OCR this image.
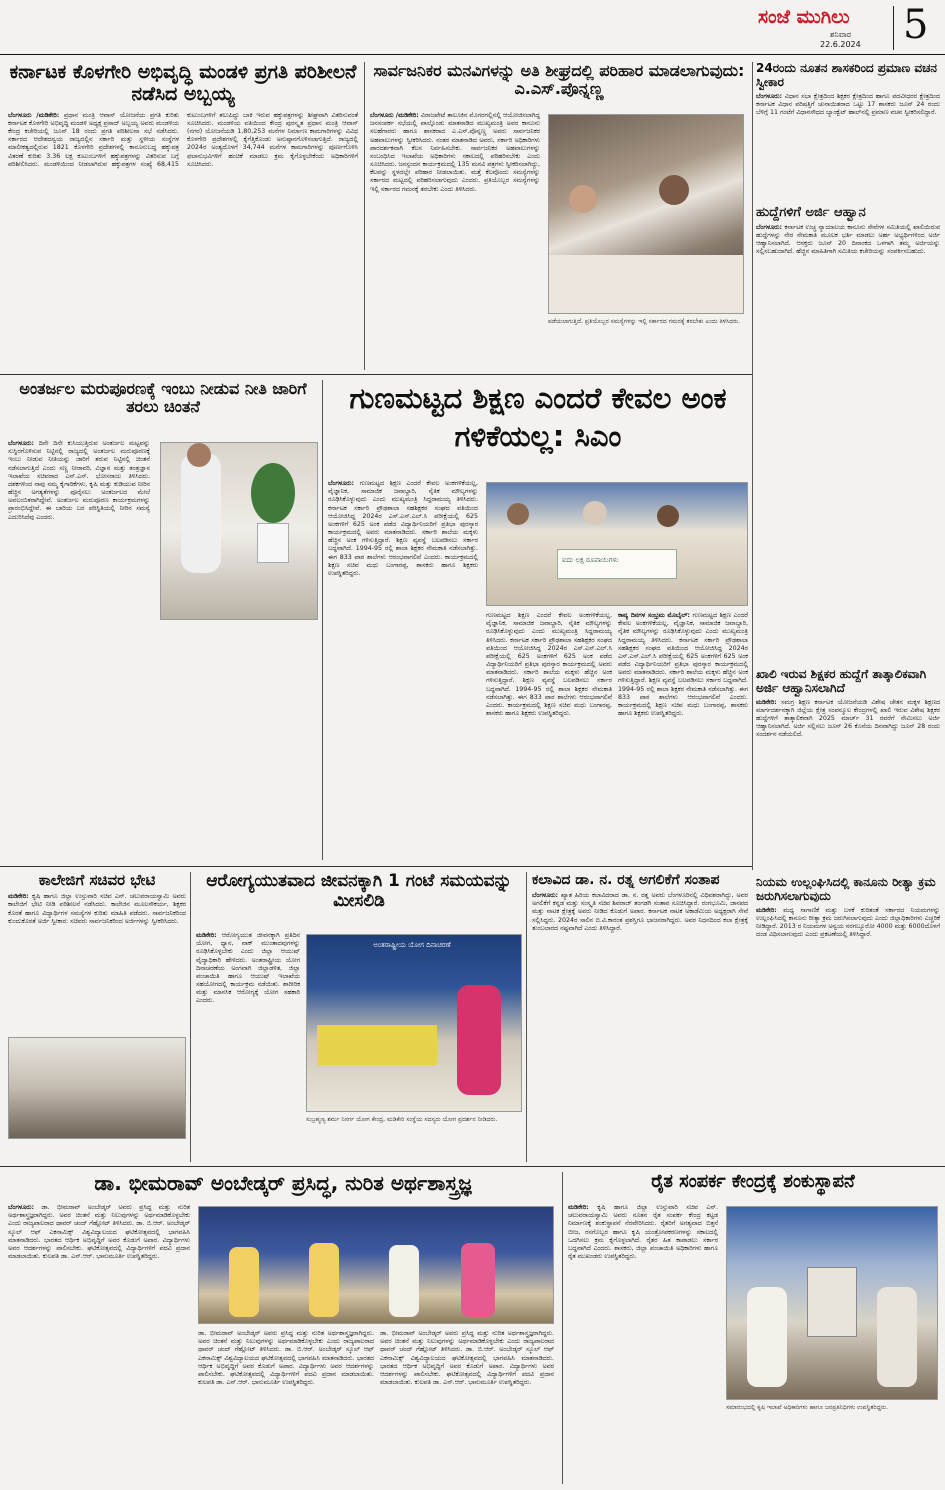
ಸಂಜೆ ಮುಗಿಲು
ಶನಿವಾರ
22.6.2024 5
ಕರ್ನಾಟಕ ಕೊಳಗೇರಿ ಅಭಿವೃದ್ಧಿ ಮಂಡಳಿ ಪ್ರಗತಿ ಪರಿಶೀಲನೆ ನಡೆಸಿದ ಅಬ್ಬಯ್ಯ
ಬೆಂಗಳೂರು /ಮಡಿಕೇರಿ: ಪ್ರಧಾನ ಮಂತ್ರಿ ಆವಾಸ್ ಯೋಜನೆಯ ಪ್ರಗತಿ ಕುರಿತು ಕರ್ನಾಟಕ ಕೊಳಗೇರಿ ಅಭಿವೃದ್ಧಿ ಮಂಡಳಿ ಅಧ್ಯಕ್ಷ ಪ್ರಸಾದ್ ಅಬ್ಬಯ್ಯ ಅವರು ಮಂಡಳಿಯ ಕೇಂದ್ರ ಕಚೇರಿಯಲ್ಲಿ ಜೂನ್ 18 ರಂದು ಪ್ರಗತಿ ಪರಿಶೀಲನಾ ಸಭೆ ನಡೆಸಿದರು. ಸರ್ಕಾರದ ಆದೇಶದನ್ವಯ ರಾಜ್ಯದಲ್ಲಿನ ಸರ್ಕಾರಿ ಮತ್ತು ಸ್ಥಳೀಯ ಸಂಸ್ಥೆಗಳ ಮಾಲೀಕತ್ವದಲ್ಲಿರುವ 1821 ಕೊಳಗೇರಿ ಪ್ರದೇಶಗಳಲ್ಲಿ ಕಾನೂನುಬದ್ಧ ಹಕ್ಕುಪತ್ರ ವಿತರಣೆ ಕುರಿತು 3.36 ಲಕ್ಷ ಕುಟುಂಬಗಳಿಗೆ ಹಕ್ಕುಪತ್ರಗಳನ್ನು ವಿತರಿಸುವ ಬಗ್ಗೆ ಪರಿಶೀಲಿಸಿದರು. ಮಂಡಳಿಯಿಂದ ನೀಡಲಾಗಿರುವ ಹಕ್ಕುಪತ್ರಗಳ ಸಂಖ್ಯೆ 68,415 ಕುಟುಂಬಗಳಿಗೆ ತಲುಪಿದ್ದು ಬಾಕಿ ಇರುವ ಹಕ್ಕುಪತ್ರಗಳನ್ನು ಶೀಘ್ರವಾಗಿ ವಿತರಿಸುವಂತೆ ಸೂಚಿಸಿದರು. ಮಂಡಳಿಯ ವತಿಯಿಂದ ಕೇಂದ್ರ ಪುರಸ್ಕೃತ ಪ್ರಧಾನ ಮಂತ್ರಿ ಆವಾಸ್ (ನಗರ) ಯೋಜನೆಯಡಿ 1,80,253 ಮನೆಗಳ ನಿರ್ಮಾಣ ಕಾಮಗಾರಿಗಳನ್ನು ವಿವಿಧ ಕೊಳಗೇರಿ ಪ್ರದೇಶಗಳಲ್ಲಿ ಕೈಗೆತ್ತಿಕೊಂಡು ಅನುಷ್ಠಾನಗೊಳಿಸಲಾಗುತ್ತಿದೆ. ರಾಜ್ಯದಲ್ಲಿ 2024ರ ಅಂತ್ಯದೊಳಗೆ 34,744 ಮನೆಗಳ ಕಾಮಗಾರಿಗಳನ್ನು ಪೂರ್ಣಗೊಳಿಸಿ ಫಲಾನುಭವಿಗಳಿಗೆ ಹಂಚಿಕೆ ಮಾಡಲು ಕ್ರಮ ಕೈಗೊಳ್ಳಬೇಕೆಂದು ಅಧಿಕಾರಿಗಳಿಗೆ ಸೂಚಿಸಿದರು.
ಸಾರ್ವಜನಿಕರ ಮನವಿಗಳನ್ನು ಅತಿ ಶೀಘ್ರದಲ್ಲಿ ಪರಿಹಾರ ಮಾಡಲಾಗುವುದು: ಎ.ಎಸ್.ಪೊನ್ನಣ್ಣ
ಬೆಂಗಳೂರು /ಮಡಿಕೇರಿ: ವಿರಾಜಪೇಟೆ ತಾಲೂಕಿನ ಮೊಗರಗಲ್ಲಿನಲ್ಲಿ ಆಯೋಜಿಸಲಾಗಿದ್ದ ಜನಸಂಪರ್ಕ ಸಭೆಯಲ್ಲಿ ಪಾಲ್ಗೊಂಡು ಮಾತನಾಡಿದ ಮುಖ್ಯಮಂತ್ರಿ ಅವರ ಕಾನೂನು ಸಲಹೆಗಾರರು ಹಾಗೂ ಶಾಸಕರಾದ ಎ.ಎಸ್.ಪೊನ್ನಣ್ಣ ಅವರು ಸಾರ್ವಜನಿಕರ ಅಹವಾಲುಗಳನ್ನು ಸ್ವೀಕರಿಸಿದರು. ನಂತರ ಮಾತನಾಡಿದ ಅವರು, ಸರ್ಕಾರಿ ಅಧಿಕಾರಿಗಳು ಪಾರದರ್ಶಕವಾಗಿ ಕೆಲಸ ನಿರ್ವಹಿಸಬೇಕು. ಸಾರ್ವಜನಿಕರ ಅಹವಾಲುಗಳನ್ನು ಸಂಬಂಧಿಸಿದ ಇಲಾಖೆಯ ಅಧಿಕಾರಿಗಳು ಸಕಾಲದಲ್ಲಿ ಪರಿಹರಿಸಬೇಕು ಎಂದು ಸೂಚಿಸಿದರು. ಜನಸ್ಪಂದನ ಕಾರ್ಯಕ್ರಮದಲ್ಲಿ 135 ಮನವಿ ಪತ್ರಗಳು ಸ್ವೀಕರಿಸಲಾಗಿದ್ದು, ಕೆಲವನ್ನು ಸ್ಥಳದಲ್ಲೇ ಪರಿಹಾರ ನೀಡಲಾಯಿತು. ಮತ್ತೆ ಕೆಲವೊಂದು ಸಮಸ್ಯೆಗಳನ್ನು ಸರ್ಕಾರದ ಮಟ್ಟದಲ್ಲಿ ಪರಿಹರಿಸಲಾಗುವುದು ಎಂದರು. ಪ್ರತಿಯೊಬ್ಬರ ಸಮಸ್ಯೆಗಳನ್ನು ಇಲ್ಲಿ ಸರ್ಕಾರದ ಗಮನಕ್ಕೆ ತರಬೇಕು ಎಂದು ತಿಳಿಸಿದರು.
ಪಡೆಯಲಾಗುತ್ತಿದೆ. ಪ್ರತಿಯೊಬ್ಬರ ಸಮಸ್ಯೆಗಳನ್ನು ಇಲ್ಲಿ ಸರ್ಕಾರದ ಗಮನಕ್ಕೆ ತರಬೇಕು ಎಂದು ತಿಳಿಸಿದರು.
24ರಂದು ನೂತನ ಶಾಸಕರಿಂದ ಪ್ರಮಾಣ ವಚನ ಸ್ವೀಕಾರ
ಬೆಂಗಳೂರು: ವಿಧಾನ ಸಭಾ ಕ್ಷೇತ್ರದಿಂದ ಶಿಕ್ಷಕರ ಕ್ಷೇತ್ರದಿಂದ ಹಾಗೂ ಪದವೀಧರರ ಕ್ಷೇತ್ರದಿಂದ ಕರ್ನಾಟಕ ವಿಧಾನ ಪರಿಷತ್ತಿಗೆ ಚುನಾಯಿತರಾದ ಒಟ್ಟು 17 ಶಾಸಕರು ಜೂನ್ 24 ರಂದು ಬೆಳಿಗ್ಗೆ 11 ಗಂಟೆಗೆ ವಿಧಾನಸೌಧದ ಬ್ಯಾಂಕ್ವೆಟ್ ಹಾಲ್‌ನಲ್ಲಿ ಪ್ರಮಾಣ ವಚನ ಸ್ವೀಕರಿಸಲಿದ್ದಾರೆ.
ಹುದ್ದೆಗಳಿಗೆ ಅರ್ಜಿ ಆಹ್ವಾನ
ಬೆಂಗಳೂರು: ಕರ್ನಾಟಕ ಉಚ್ಚ ನ್ಯಾಯಾಲಯ ಕಾನೂನು ಸೇವೆಗಳ ಸಮಿತಿಯಲ್ಲಿ ಖಾಲಿಯಿರುವ ಹುದ್ದೆಗಳನ್ನು ನೇರ ನೇಮಕಾತಿ ಮೂಲಕ ಭರ್ತಿ ಮಾಡಲು ಅರ್ಹ ಅಭ್ಯರ್ಥಿಗಳಿಂದ ಅರ್ಜಿ ಆಹ್ವಾನಿಸಲಾಗಿದೆ. ಆಸಕ್ತರು ಜೂನ್ 20 ದಿನಾಂಕದ ಒಳಗಾಗಿ ತಮ್ಮ ಅರ್ಜಿಯನ್ನು ಸಲ್ಲಿಸಬಹುದಾಗಿದೆ. ಹೆಚ್ಚಿನ ಮಾಹಿತಿಗಾಗಿ ಸಮಿತಿಯ ಕಚೇರಿಯನ್ನು ಸಂಪರ್ಕಿಸಬಹುದು.
ಖಾಲಿ ಇರುವ ಶಿಕ್ಷಕರ ಹುದ್ದೆಗೆ ತಾತ್ಕಾಲಿಕವಾಗಿ ಅರ್ಜಿ ಆಹ್ವಾನಿಸಲಾಗಿದೆ
ಮಡಿಕೇರಿ: ಸಮಗ್ರ ಶಿಕ್ಷಣ ಕರ್ನಾಟಕ ಯೋಜನೆಯಡಿ ವಿಶೇಷ ಚೇತನ ಮಕ್ಕಳ ಶಿಕ್ಷಣದ ಮಾರ್ಗದರ್ಶನಕ್ಕಾಗಿ ಜಿಲ್ಲೆಯ ಕ್ಷೇತ್ರ ಸಂಪನ್ಮೂಲ ಕೇಂದ್ರಗಳಲ್ಲಿ ಖಾಲಿ ಇರುವ ವಿಶೇಷ ಶಿಕ್ಷಕರ ಹುದ್ದೆಗಳಿಗೆ ತಾತ್ಕಾಲಿಕವಾಗಿ 2025 ಮಾರ್ಚ್ 31 ರವರೆಗೆ ನೇಮಿಸಲು ಅರ್ಜಿ ಆಹ್ವಾನಿಸಲಾಗಿದೆ. ಅರ್ಜಿ ಸಲ್ಲಿಸಲು ಜೂನ್ 26 ಕೊನೆಯ ದಿನವಾಗಿದ್ದು ಜೂನ್ 28 ರಂದು ಸಂದರ್ಶನ ನಡೆಯಲಿದೆ.
ನಿಯಮ ಉಲ್ಲಂಘಿಸಿದಲ್ಲಿ ಕಾನೂನು ರೀತ್ಯಾ ಕ್ರಮ ಜರುಗಿಸಲಾಗುವುದು
ಮಡಿಕೇರಿ: ಮಧ್ಯ ಸಾಗಾಣಿಕೆ ಮತ್ತು ಬಳಕೆ ಕುರಿತಂತೆ ಸರ್ಕಾರದ ನಿಯಮಗಳನ್ನು ಉಲ್ಲಂಘಿಸಿದಲ್ಲಿ ಕಾನೂನು ರೀತ್ಯಾ ಕ್ರಮ ಜರುಗಿಸಲಾಗುವುದು ಎಂದು ಜಿಲ್ಲಾಧಿಕಾರಿಗಳು ಎಚ್ಚರಿಕೆ ನೀಡಿದ್ದಾರೆ. 2013 ರ ನಿಯಮಗಳ ಅನ್ವಯ ನರಗಬ್ಯೂರೋ 4000 ಮತ್ತು 6000ದೊಳಗೆ ದಂಡ ವಿಧಿಸಲಾಗುವುದು ಎಂದು ಪ್ರಕಟಣೆಯಲ್ಲಿ ತಿಳಿಸಿದ್ದಾರೆ.
ಅಂತರ್ಜಲ ಮರುಪೂರಣಕ್ಕೆ ಇಂಬು ನೀಡುವ ನೀತಿ ಜಾರಿಗೆ ತರಲು ಚಿಂತನೆ
ಬೆಂಗಳೂರು: ದಿನೇ ದಿನೇ ಕುಸಿಯುತ್ತಿರುವ ಅಂತರ್ಜಲ ಮಟ್ಟವನ್ನು ಸುಸ್ಥಿರಗೊಳಿಸುವ ನಿಟ್ಟಿನಲ್ಲಿ ರಾಜ್ಯದಲ್ಲಿ ಅಂತರ್ಜಲ ಮರುಪೂರಣಕ್ಕೆ ಇಂಬು ನೀಡುವ ನೀತಿಯನ್ನು ಜಾರಿಗೆ ತರುವ ನಿಟ್ಟಿನಲ್ಲಿ ಚಿಂತನೆ ನಡೆಸಲಾಗುತ್ತಿದೆ ಎಂದು ಸಣ್ಣ ನೀರಾವರಿ, ವಿಜ್ಞಾನ ಮತ್ತು ತಂತ್ರಜ್ಞಾನ ಇಲಾಖೆಯ ಸಚಿವರಾದ ಎನ್.ಎಸ್. ಭೋಸರಾಜು ತಿಳಿಸಿದರು. ದಶಕಗಳಿಂದ ನಾವು ನಮ್ಮ ಕೈಗಾರಿಕೆಗಳು, ಕೃಷಿ ಮತ್ತು ಕುಡಿಯುವ ನೀರಿನ ಹೆಚ್ಚಿನ ಅಗತ್ಯತೆಗಳನ್ನು ಪೂರೈಸಲು ಅಂತರ್ಜಲದ ಮೇಲೆ ಅವಲಂಬಿತರಾಗಿದ್ದೇವೆ. ಅಂತರ್ಜಲ ಮರುಪೂರಣ ಕಾರ್ಯಕ್ರಮಗಳನ್ನು ಪ್ರಾರಂಭಿಸಿದ್ದೇವೆ. ಈ ಬಾರಿಯ ಬರ ಪರಿಸ್ಥಿತಿಯಲ್ಲಿ ನೀರಿನ ಸಮಸ್ಯೆ ಎದುರಿಸಿದೆವು ಎಂದರು.
ಗುಣಮಟ್ಟದ ಶಿಕ್ಷಣ ಎಂದರೆ ಕೇವಲ ಅಂಕ ಗಳಿಕೆಯಲ್ಲ: ಸಿಎಂ
ಬೆಂಗಳೂರು: ಗುಣಮಟ್ಟದ ಶಿಕ್ಷಣ ಎಂದರೆ ಕೇವಲ ಅಂಕಗಳಿಕೆಯಲ್ಲ, ವೈಜ್ಞಾನಿಕ, ಸಾಮಾಜಿಕ ಜವಾಬ್ದಾರಿ, ನೈತಿಕ ಮೌಲ್ಯಗಳನ್ನು ರೂಢಿಸಿಕೊಳ್ಳುವುದು ಎಂದು ಮುಖ್ಯಮಂತ್ರಿ ಸಿದ್ದರಾಮಯ್ಯ ತಿಳಿಸಿದರು. ಕರ್ನಾಟಕ ಸರ್ಕಾರಿ ಪ್ರೌಢಶಾಲಾ ಸಹಶಿಕ್ಷಕರ ಸಂಘದ ವತಿಯಿಂದ ಆಯೋಜಿಸಿದ್ದ 2024ರ ಎಸ್.ಎಸ್.ಎಲ್.ಸಿ ಪರೀಕ್ಷೆಯಲ್ಲಿ 625 ಅಂಕಗಳಿಗೆ 625 ಅಂಕ ಪಡೆದ ವಿದ್ಯಾರ್ಥಿನಿಯರಿಗೆ ಪ್ರತಿಭಾ ಪುರಸ್ಕಾರ ಕಾರ್ಯಕ್ರಮದಲ್ಲಿ ಅವರು ಮಾತನಾಡಿದರು. ಸರ್ಕಾರಿ ಶಾಲೆಯ ಮಕ್ಕಳು ಹೆಚ್ಚಿನ ಅಂಕ ಗಳಿಸುತ್ತಿದ್ದಾರೆ. ಶಿಕ್ಷಣ ವ್ಯವಸ್ಥೆ ಬಲಪಡಿಸಲು ಸರ್ಕಾರ ಬದ್ಧವಾಗಿದೆ. 1994-95 ರಲ್ಲಿ ಶಾಲಾ ಶಿಕ್ಷಕರ ನೇಮಕಾತಿ ನಡೆಸಲಾಗಿತ್ತು. ಈಗ 833 ಪಾಠ ಶಾಲೆಗಳು ಆರಂಭವಾಗಲಿವೆ ಎಂದರು. ಕಾರ್ಯಕ್ರಮದಲ್ಲಿ ಶಿಕ್ಷಣ ಸಚಿವ ಮಧು ಬಂಗಾರಪ್ಪ, ಶಾಸಕರು ಹಾಗೂ ಶಿಕ್ಷಕರು ಉಪಸ್ಥಿತರಿದ್ದರು.
ಐದು ಲಕ್ಷ ರೂಪಾಯಿಗಳು
ಗುಣಮಟ್ಟದ ಶಿಕ್ಷಣ ಎಂದರೆ ಕೇವಲ ಅಂಕಗಳಿಕೆಯಲ್ಲ, ವೈಜ್ಞಾನಿಕ, ಸಾಮಾಜಿಕ ಜವಾಬ್ದಾರಿ, ನೈತಿಕ ಮೌಲ್ಯಗಳನ್ನು ರೂಢಿಸಿಕೊಳ್ಳುವುದು ಎಂದು ಮುಖ್ಯಮಂತ್ರಿ ಸಿದ್ದರಾಮಯ್ಯ ತಿಳಿಸಿದರು. ಕರ್ನಾಟಕ ಸರ್ಕಾರಿ ಪ್ರೌಢಶಾಲಾ ಸಹಶಿಕ್ಷಕರ ಸಂಘದ ವತಿಯಿಂದ ಆಯೋಜಿಸಿದ್ದ 2024ರ ಎಸ್.ಎಸ್.ಎಲ್.ಸಿ ಪರೀಕ್ಷೆಯಲ್ಲಿ 625 ಅಂಕಗಳಿಗೆ 625 ಅಂಕ ಪಡೆದ ವಿದ್ಯಾರ್ಥಿನಿಯರಿಗೆ ಪ್ರತಿಭಾ ಪುರಸ್ಕಾರ ಕಾರ್ಯಕ್ರಮದಲ್ಲಿ ಅವರು ಮಾತನಾಡಿದರು. ಸರ್ಕಾರಿ ಶಾಲೆಯ ಮಕ್ಕಳು ಹೆಚ್ಚಿನ ಅಂಕ ಗಳಿಸುತ್ತಿದ್ದಾರೆ. ಶಿಕ್ಷಣ ವ್ಯವಸ್ಥೆ ಬಲಪಡಿಸಲು ಸರ್ಕಾರ ಬದ್ಧವಾಗಿದೆ. 1994-95 ರಲ್ಲಿ ಶಾಲಾ ಶಿಕ್ಷಕರ ನೇಮಕಾತಿ ನಡೆಸಲಾಗಿತ್ತು. ಈಗ 833 ಪಾಠ ಶಾಲೆಗಳು ಆರಂಭವಾಗಲಿವೆ ಎಂದರು. ಕಾರ್ಯಕ್ರಮದಲ್ಲಿ ಶಿಕ್ಷಣ ಸಚಿವ ಮಧು ಬಂಗಾರಪ್ಪ, ಶಾಸಕರು ಹಾಗೂ ಶಿಕ್ಷಕರು ಉಪಸ್ಥಿತರಿದ್ದರು.
ಕಾವ್ಯ ದಿನಗಳ ಸಂಭ್ರಮ ಮೊಬೈಲ್: ಗುಣಮಟ್ಟದ ಶಿಕ್ಷಣ ಎಂದರೆ ಕೇವಲ ಅಂಕಗಳಿಕೆಯಲ್ಲ, ವೈಜ್ಞಾನಿಕ, ಸಾಮಾಜಿಕ ಜವಾಬ್ದಾರಿ, ನೈತಿಕ ಮೌಲ್ಯಗಳನ್ನು ರೂಢಿಸಿಕೊಳ್ಳುವುದು ಎಂದು ಮುಖ್ಯಮಂತ್ರಿ ಸಿದ್ದರಾಮಯ್ಯ ತಿಳಿಸಿದರು. ಕರ್ನಾಟಕ ಸರ್ಕಾರಿ ಪ್ರೌಢಶಾಲಾ ಸಹಶಿಕ್ಷಕರ ಸಂಘದ ವತಿಯಿಂದ ಆಯೋಜಿಸಿದ್ದ 2024ರ ಎಸ್.ಎಸ್.ಎಲ್.ಸಿ ಪರೀಕ್ಷೆಯಲ್ಲಿ 625 ಅಂಕಗಳಿಗೆ 625 ಅಂಕ ಪಡೆದ ವಿದ್ಯಾರ್ಥಿನಿಯರಿಗೆ ಪ್ರತಿಭಾ ಪುರಸ್ಕಾರ ಕಾರ್ಯಕ್ರಮದಲ್ಲಿ ಅವರು ಮಾತನಾಡಿದರು. ಸರ್ಕಾರಿ ಶಾಲೆಯ ಮಕ್ಕಳು ಹೆಚ್ಚಿನ ಅಂಕ ಗಳಿಸುತ್ತಿದ್ದಾರೆ. ಶಿಕ್ಷಣ ವ್ಯವಸ್ಥೆ ಬಲಪಡಿಸಲು ಸರ್ಕಾರ ಬದ್ಧವಾಗಿದೆ. 1994-95 ರಲ್ಲಿ ಶಾಲಾ ಶಿಕ್ಷಕರ ನೇಮಕಾತಿ ನಡೆಸಲಾಗಿತ್ತು. ಈಗ 833 ಪಾಠ ಶಾಲೆಗಳು ಆರಂಭವಾಗಲಿವೆ ಎಂದರು. ಕಾರ್ಯಕ್ರಮದಲ್ಲಿ ಶಿಕ್ಷಣ ಸಚಿವ ಮಧು ಬಂಗಾರಪ್ಪ, ಶಾಸಕರು ಹಾಗೂ ಶಿಕ್ಷಕರು ಉಪಸ್ಥಿತರಿದ್ದರು.
ಕಾಲೇಜಿಗೆ ಸಚಿವರ ಭೇಟಿ
ಮಡಿಕೇರಿ: ಕೃಷಿ ಹಾಗೂ ಜಿಲ್ಲಾ ಉಸ್ತುವಾರಿ ಸಚಿವ ಎನ್. ಚಲುವರಾಯಸ್ವಾಮಿ ಅವರು ಕಾಲೇಜಿಗೆ ಭೇಟಿ ನೀಡಿ ಪರಿಶೀಲನೆ ನಡೆಸಿದರು. ಕಾಲೇಜಿನ ಮೂಲಸೌಕರ್ಯ, ಶಿಕ್ಷಕರ ಕೊರತೆ ಹಾಗೂ ವಿದ್ಯಾರ್ಥಿಗಳ ಸಮಸ್ಯೆಗಳ ಕುರಿತು ಮಾಹಿತಿ ಪಡೆದರು. ಸಾರ್ವಜನಿಕರಿಂದ ಕುಂದುಕೊರತೆ ಅರ್ಜಿ ಸ್ವೀಕಾರ: ಸಚಿವರು ಸಾರ್ವಜನಿಕರಿಂದ ಅರ್ಜಿಗಳನ್ನು ಸ್ವೀಕರಿಸಿದರು.
ಆರೋಗ್ಯಯುತವಾದ ಜೀವನಕ್ಕಾಗಿ 1 ಗಂಟೆ ಸಮಯವನ್ನು ಮೀಸಲಿಡಿ
ಮಡಿಕೇರಿ: ಆರೋಗ್ಯಯುತ ಜೀವನಕ್ಕಾಗಿ ಪ್ರತಿದಿನ ಯೋಗ, ಧ್ಯಾನ, ವಾಕ್ ಮುಂತಾದವುಗಳನ್ನು ರೂಢಿಸಿಕೊಳ್ಳಬೇಕು ಎಂದು ಜಿಲ್ಲಾ ಆಯುಷ್ ವೈದ್ಯಾಧಿಕಾರಿ ಹೇಳಿದರು. ಅಂತರಾಷ್ಟ್ರೀಯ ಯೋಗ ದಿನಾಚರಣೆಯ ಅಂಗವಾಗಿ ಜಿಲ್ಲಾಡಳಿತ, ಜಿಲ್ಲಾ ಪಂಚಾಯಿತಿ ಹಾಗೂ ಆಯುಷ್ ಇಲಾಖೆಯ ಸಹಯೋಗದಲ್ಲಿ ಕಾರ್ಯಕ್ರಮ ನಡೆಯಿತು. ಶಾರೀರಿಕ ಮತ್ತು ಮಾನಸಿಕ ಆರೋಗ್ಯಕ್ಕೆ ಯೋಗ ಸಹಕಾರಿ ಎಂದರು.
ಅಂತರಾಷ್ಟ್ರೀಯ ಯೋಗ ದಿನಾಚರಣೆ
ಸುಬ್ರಹ್ಮಣ್ಯ ಶರ್ಮ ನಿಸರ್ಗ ಯೋಗ ಕೇಂದ್ರ, ಮಡಿಕೇರಿ ಸಂಸ್ಥೆಯ ಸದಸ್ಯರು ಯೋಗ ಪ್ರದರ್ಶನ ನೀಡಿದರು.
ಕಲಾವಿದ ಡಾ. ನ. ರತ್ನ ಅಗಲಿಕೆಗೆ ಸಂತಾಪ
ಬೆಂಗಳೂರು: ಖ್ಯಾತ ಹಿರಿಯ ಕಲಾವಿದರಾದ ಡಾ. ನ. ರತ್ನ ಅವರು ಬೆಂಗಳೂರಿನಲ್ಲಿ ವಿಧಿವಶರಾಗಿದ್ದು, ಅವರ ಅಗಲಿಕೆಗೆ ಕನ್ನಡ ಮತ್ತು ಸಂಸ್ಕೃತಿ ಸಚಿವ ಶಿವರಾಜ್ ತಂಗಡಗಿ ಸಂತಾಪ ಸೂಚಿಸಿದ್ದಾರೆ. ರಂಗಭೂಮಿ, ಜಾನಪದ ಮತ್ತು ನಾಟಕ ಕ್ಷೇತ್ರಕ್ಕೆ ಅವರು ನೀಡಿದ ಕೊಡುಗೆ ಅಪಾರ. ಕರ್ನಾಟಕ ನಾಟಕ ಅಕಾಡೆಮಿಯ ಅಧ್ಯಕ್ಷರಾಗಿ ಸೇವೆ ಸಲ್ಲಿಸಿದ್ದರು. 2024ರ ಸಾಲಿನ ಬಿ.ವಿ.ಕಾರಂತ ಪ್ರಶಸ್ತಿಗೂ ಭಾಜನರಾಗಿದ್ದರು. ಅವರ ನಿಧನದಿಂದ ಕಲಾ ಕ್ಷೇತ್ರಕ್ಕೆ ತುಂಬಲಾರದ ನಷ್ಟವಾಗಿದೆ ಎಂದು ತಿಳಿಸಿದ್ದಾರೆ.
ಡಾ. ಭೀಮರಾವ್ ಅಂಬೇಡ್ಕರ್ ಪ್ರಸಿದ್ಧ, ನುರಿತ ಅರ್ಥಶಾಸ್ತ್ರಜ್ಞ
ಬೆಂಗಳೂರು: ಡಾ. ಭೀಮರಾವ್ ಅಂಬೇಡ್ಕರ್ ಅವರು ಪ್ರಸಿದ್ಧ ಮತ್ತು ನುರಿತ ಅರ್ಥಶಾಸ್ತ್ರಜ್ಞರಾಗಿದ್ದರು. ಅವರ ಚಿಂತನೆ ಮತ್ತು ನಿಲುವುಗಳನ್ನು ಅರ್ಥಮಾಡಿಕೊಳ್ಳಬೇಕು ಎಂದು ರಾಜ್ಯಪಾಲರಾದ ಥಾವರ್ ಚಂದ್ ಗೆಹ್ಲೋಟ್ ತಿಳಿಸಿದರು. ಡಾ. ಬಿ.ಆರ್. ಅಂಬೇಡ್ಕರ್ ಸ್ಕೂಲ್ ಆಫ್ ಎಕನಾಮಿಕ್ಸ್ ವಿಶ್ವವಿದ್ಯಾಲಯದ ಘಟಿಕೋತ್ಸವದಲ್ಲಿ ಭಾಗವಹಿಸಿ ಮಾತನಾಡಿದರು. ಭಾರತದ ಆರ್ಥಿಕ ಅಭಿವೃದ್ಧಿಗೆ ಅವರ ಕೊಡುಗೆ ಅಪಾರ. ವಿದ್ಯಾರ್ಥಿಗಳು ಅವರ ಆದರ್ಶಗಳನ್ನು ಪಾಲಿಸಬೇಕು. ಘಟಿಕೋತ್ಸವದಲ್ಲಿ ವಿದ್ಯಾರ್ಥಿಗಳಿಗೆ ಪದವಿ ಪ್ರದಾನ ಮಾಡಲಾಯಿತು. ಕುಲಪತಿ ಡಾ. ಎನ್.ಆರ್. ಭಾನುಮೂರ್ತಿ ಉಪಸ್ಥಿತರಿದ್ದರು.
ಡಾ. ಭೀಮರಾವ್ ಅಂಬೇಡ್ಕರ್ ಅವರು ಪ್ರಸಿದ್ಧ ಮತ್ತು ನುರಿತ ಅರ್ಥಶಾಸ್ತ್ರಜ್ಞರಾಗಿದ್ದರು. ಅವರ ಚಿಂತನೆ ಮತ್ತು ನಿಲುವುಗಳನ್ನು ಅರ್ಥಮಾಡಿಕೊಳ್ಳಬೇಕು ಎಂದು ರಾಜ್ಯಪಾಲರಾದ ಥಾವರ್ ಚಂದ್ ಗೆಹ್ಲೋಟ್ ತಿಳಿಸಿದರು. ಡಾ. ಬಿ.ಆರ್. ಅಂಬೇಡ್ಕರ್ ಸ್ಕೂಲ್ ಆಫ್ ಎಕನಾಮಿಕ್ಸ್ ವಿಶ್ವವಿದ್ಯಾಲಯದ ಘಟಿಕೋತ್ಸವದಲ್ಲಿ ಭಾಗವಹಿಸಿ ಮಾತನಾಡಿದರು. ಭಾರತದ ಆರ್ಥಿಕ ಅಭಿವೃದ್ಧಿಗೆ ಅವರ ಕೊಡುಗೆ ಅಪಾರ. ವಿದ್ಯಾರ್ಥಿಗಳು ಅವರ ಆದರ್ಶಗಳನ್ನು ಪಾಲಿಸಬೇಕು. ಘಟಿಕೋತ್ಸವದಲ್ಲಿ ವಿದ್ಯಾರ್ಥಿಗಳಿಗೆ ಪದವಿ ಪ್ರದಾನ ಮಾಡಲಾಯಿತು. ಕುಲಪತಿ ಡಾ. ಎನ್.ಆರ್. ಭಾನುಮೂರ್ತಿ ಉಪಸ್ಥಿತರಿದ್ದರು.
ಡಾ. ಭೀಮರಾವ್ ಅಂಬೇಡ್ಕರ್ ಅವರು ಪ್ರಸಿದ್ಧ ಮತ್ತು ನುರಿತ ಅರ್ಥಶಾಸ್ತ್ರಜ್ಞರಾಗಿದ್ದರು. ಅವರ ಚಿಂತನೆ ಮತ್ತು ನಿಲುವುಗಳನ್ನು ಅರ್ಥಮಾಡಿಕೊಳ್ಳಬೇಕು ಎಂದು ರಾಜ್ಯಪಾಲರಾದ ಥಾವರ್ ಚಂದ್ ಗೆಹ್ಲೋಟ್ ತಿಳಿಸಿದರು. ಡಾ. ಬಿ.ಆರ್. ಅಂಬೇಡ್ಕರ್ ಸ್ಕೂಲ್ ಆಫ್ ಎಕನಾಮಿಕ್ಸ್ ವಿಶ್ವವಿದ್ಯಾಲಯದ ಘಟಿಕೋತ್ಸವದಲ್ಲಿ ಭಾಗವಹಿಸಿ ಮಾತನಾಡಿದರು. ಭಾರತದ ಆರ್ಥಿಕ ಅಭಿವೃದ್ಧಿಗೆ ಅವರ ಕೊಡುಗೆ ಅಪಾರ. ವಿದ್ಯಾರ್ಥಿಗಳು ಅವರ ಆದರ್ಶಗಳನ್ನು ಪಾಲಿಸಬೇಕು. ಘಟಿಕೋತ್ಸವದಲ್ಲಿ ವಿದ್ಯಾರ್ಥಿಗಳಿಗೆ ಪದವಿ ಪ್ರದಾನ ಮಾಡಲಾಯಿತು. ಕುಲಪತಿ ಡಾ. ಎನ್.ಆರ್. ಭಾನುಮೂರ್ತಿ ಉಪಸ್ಥಿತರಿದ್ದರು.
ರೈತ ಸಂಪರ್ಕ ಕೇಂದ್ರಕ್ಕೆ ಶಂಕುಸ್ಥಾಪನೆ
ಮಡಿಕೇರಿ: ಕೃಷಿ ಹಾಗೂ ಜಿಲ್ಲಾ ಉಸ್ತುವಾರಿ ಸಚಿವ ಎನ್. ಚಲುವರಾಯಸ್ವಾಮಿ ಅವರು ನೂತನ ರೈತ ಸಂಪರ್ಕ ಕೇಂದ್ರ ಕಟ್ಟಡ ನಿರ್ಮಾಣಕ್ಕೆ ಶಂಕುಸ್ಥಾಪನೆ ನೆರವೇರಿಸಿದರು. ರೈತರಿಗೆ ಅಗತ್ಯವಾದ ಬಿತ್ತನೆ ಬೀಜ, ರಸಗೊಬ್ಬರ ಹಾಗೂ ಕೃಷಿ ಯಂತ್ರೋಪಕರಣಗಳನ್ನು ಸಕಾಲದಲ್ಲಿ ಒದಗಿಸಲು ಕ್ರಮ ಕೈಗೊಳ್ಳಲಾಗಿದೆ. ರೈತರ ಹಿತ ಕಾಪಾಡಲು ಸರ್ಕಾರ ಬದ್ಧವಾಗಿದೆ ಎಂದರು. ಶಾಸಕರು, ಜಿಲ್ಲಾ ಪಂಚಾಯಿತಿ ಅಧಿಕಾರಿಗಳು ಹಾಗೂ ರೈತ ಮುಖಂಡರು ಉಪಸ್ಥಿತರಿದ್ದರು.
ಸಮಾರಂಭದಲ್ಲಿ ಕೃಷಿ ಇಲಾಖೆ ಅಧಿಕಾರಿಗಳು ಹಾಗೂ ಜನಪ್ರತಿನಿಧಿಗಳು ಉಪಸ್ಥಿತರಿದ್ದರು.
